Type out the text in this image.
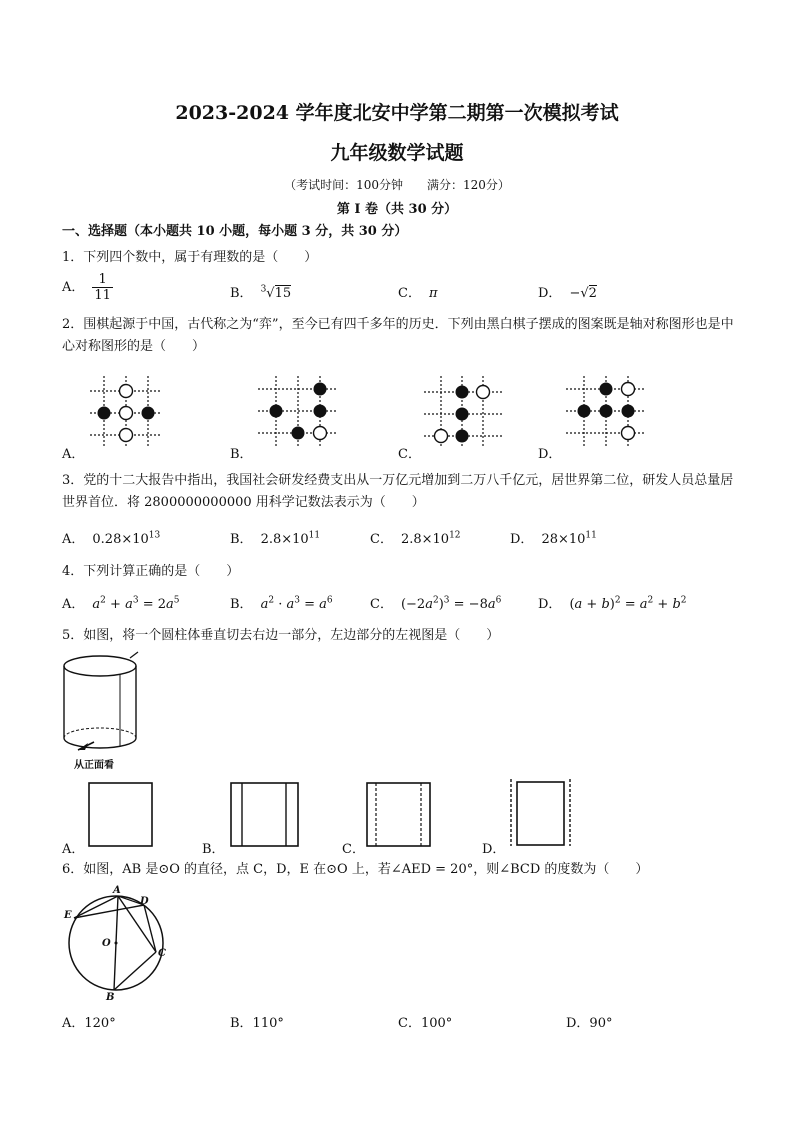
2023-2024 学年度北安中学第二期第一次模拟考试
九年级数学试题
（考试时间：100分钟　　满分：120分）
第 I 卷（共 30 分）
一、选择题（本小题共 10 小题，每小题 3 分，共 30 分）
1．下列四个数中，属于有理数的是（　　）
A． $\frac{1}{11}$	B． $^3$√15	C． π	D． −√2
2．围棋起源于中国，古代称之为“弈”，至今已有四千多年的历史．下列由黑白棋子摆成的图案既是轴对称图形也是中心对称图形的是（　　）
A．	B．	C．	D．
3．党的十二大报告中指出，我国社会研发经费支出从一万亿元增加到二万八千亿元，居世界第二位，研发人员总量居世界首位．将 2800000000000 用科学记数法表示为（　　）
A． $0.28\times 10^{13}$	B． $2.8\times 10^{11}$	C． $2.8\times 10^{12}$	D． $28\times 10^{11}$
4．下列计算正确的是（　　）
A． $a^2 + a^3 = 2a^5$	B． $a^2 \cdot a^3 = a^6$	C． $(-2a^2)^3 = -8a^6$	D． $(a + b)^2 = a^2 + b^2$
5．如图，将一个圆柱体垂直切去右边一部分，左边部分的左视图是（　　）
从正面看
A．	B．	C．	D．
6．如图，AB 是⊙O 的直径，点 C，D，E 在⊙O 上，若∠AED = 20°，则∠BCD 的度数为（　　）
D
E
O
C
B
A
A．120°	B．110°	C．100°	D．90°
